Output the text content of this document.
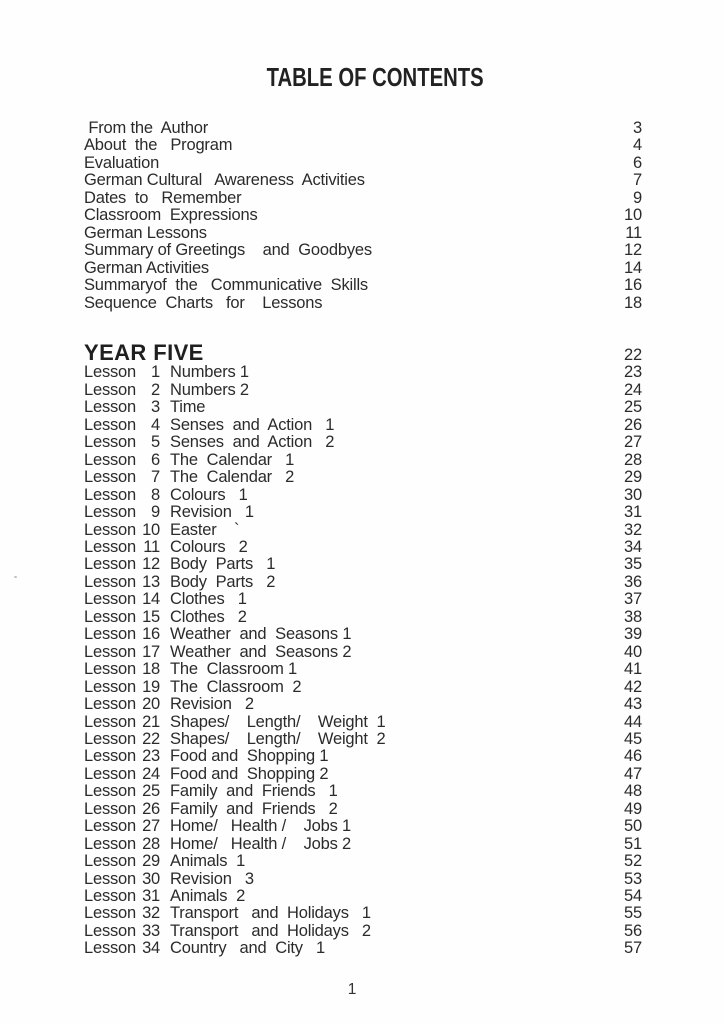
TABLE OF CONTENTS
From the  Author	3
About  the   Program	4
Evaluation	6
German Cultural   Awareness  Activities	7
Dates  to   Remember	9
Classroom  Expressions	10
German Lessons	11
Summary of Greetings    and  Goodbyes	12
German Activities	14
Summaryof  the   Communicative  Skills	16
Sequence  Charts   for    Lessons	18
YEAR FIVE	22
Lesson 1 Numbers 1	23
Lesson 2 Numbers 2	24
Lesson 3 Time	25
Lesson 4 Senses  and  Action   1	26
Lesson 5 Senses  and  Action   2	27
Lesson 6 The  Calendar   1	28
Lesson 7 The  Calendar   2	29
Lesson 8 Colours   1	30
Lesson 9 Revision   1	31
Lesson 10 Easter    `	32
Lesson 11 Colours   2	34
Lesson 12 Body  Parts   1	35
Lesson 13 Body  Parts   2	36
Lesson 14 Clothes   1	37
Lesson 15 Clothes   2	38
Lesson 16 Weather  and  Seasons 1	39
Lesson 17 Weather  and  Seasons 2	40
Lesson 18 The  Classroom 1	41
Lesson 19 The  Classroom  2	42
Lesson 20 Revision   2	43
Lesson 21 Shapes/    Length/    Weight  1	44
Lesson 22 Shapes/    Length/    Weight  2	45
Lesson 23 Food and  Shopping 1	46
Lesson 24 Food and  Shopping 2	47
Lesson 25 Family  and  Friends   1	48
Lesson 26 Family  and  Friends   2	49
Lesson 27 Home/   Health /    Jobs 1	50
Lesson 28 Home/   Health /    Jobs 2	51
Lesson 29 Animals  1	52
Lesson 30 Revision   3	53
Lesson 31 Animals  2	54
Lesson 32 Transport   and  Holidays   1	55
Lesson 33 Transport   and  Holidays   2	56
Lesson 34 Country   and  City   1	57
1
